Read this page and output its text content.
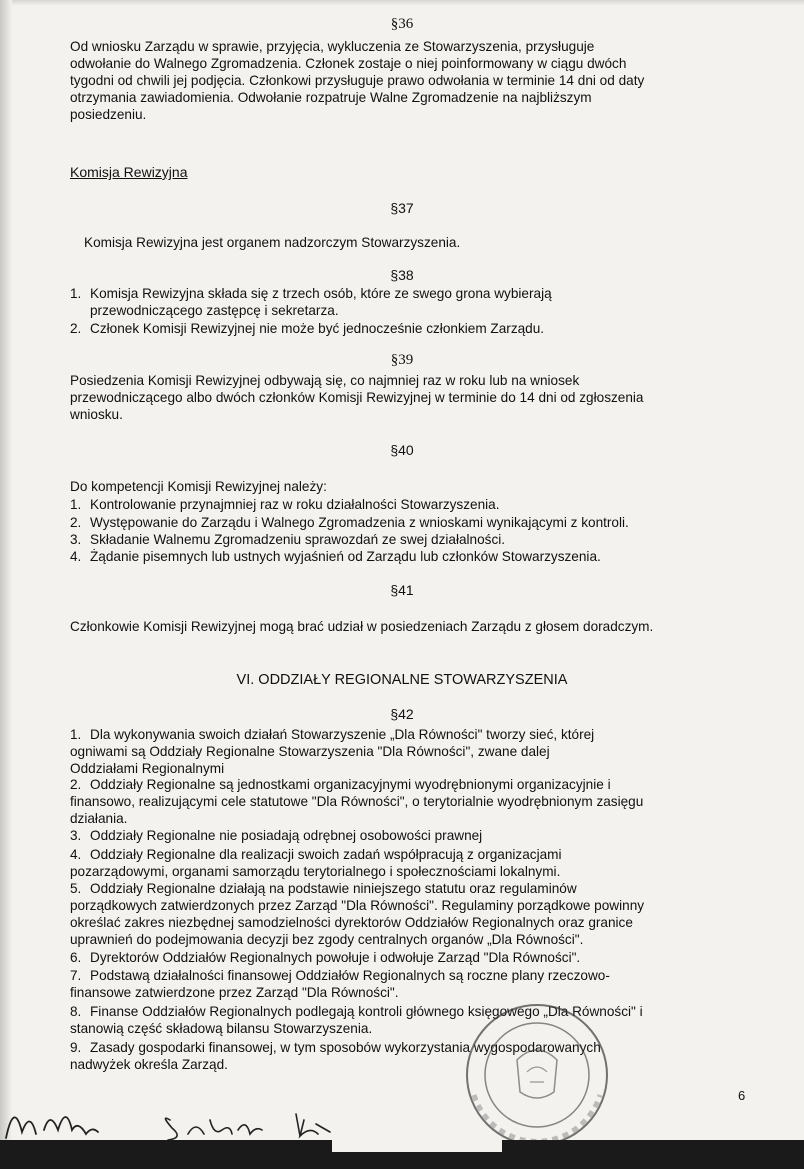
§36
Od wniosku Zarządu w sprawie, przyjęcia, wykluczenia ze Stowarzyszenia, przysługuje
odwołanie do Walnego Zgromadzenia. Członek zostaje o niej poinformowany w ciągu dwóch
tygodni od chwili jej podjęcia. Członkowi przysługuje prawo odwołania w terminie 14 dni od daty
otrzymania zawiadomienia. Odwołanie rozpatruje Walne Zgromadzenie na najbliższym
posiedzeniu.
Komisja Rewizyjna
§37
Komisja Rewizyjna jest organem nadzorczym Stowarzyszenia.
§38
1. Komisja Rewizyjna składa się z trzech osób, które ze swego grona wybierają
przewodniczącego zastępcę i sekretarza.
2. Członek Komisji Rewizyjnej nie może być jednocześnie członkiem Zarządu.
§39
Posiedzenia Komisji Rewizyjnej odbywają się, co najmniej raz w roku lub na wniosek
przewodniczącego albo dwóch członków Komisji Rewizyjnej w terminie do 14 dni od zgłoszenia
wniosku.
§40
Do kompetencji Komisji Rewizyjnej należy:
1. Kontrolowanie przynajmniej raz w roku działalności Stowarzyszenia.
2. Występowanie do Zarządu i Walnego Zgromadzenia z wnioskami wynikającymi z kontroli.
3. Składanie Walnemu Zgromadzeniu sprawozdań ze swej działalności.
4. Żądanie pisemnych lub ustnych wyjaśnień od Zarządu lub członków Stowarzyszenia.
§41
Członkowie Komisji Rewizyjnej mogą brać udział w posiedzeniach Zarządu z głosem doradczym.
VI. ODDZIAŁY REGIONALNE STOWARZYSZENIA
§42
1. Dla wykonywania swoich działań Stowarzyszenie „Dla Równości" tworzy sieć, której
ogniwami są Oddziały Regionalne Stowarzyszenia "Dla Równości", zwane dalej
Oddziałami Regionalnymi
2. Oddziały Regionalne są jednostkami organizacyjnymi wyodrębnionymi organizacyjnie i
finansowo, realizującymi cele statutowe "Dla Równości", o terytorialnie wyodrębnionym zasięgu
działania.
3. Oddziały Regionalne nie posiadają odrębnej osobowości prawnej
4. Oddziały Regionalne dla realizacji swoich zadań współpracują z organizacjami
pozarządowymi, organami samorządu terytorialnego i społecznościami lokalnymi.
5. Oddziały Regionalne działają na podstawie niniejszego statutu oraz regulaminów
porządkowych zatwierdzonych przez Zarząd "Dla Równości". Regulaminy porządkowe powinny
określać zakres niezbędnej samodzielności dyrektorów Oddziałów Regionalnych oraz granice
uprawnień do podejmowania decyzji bez zgody centralnych organów „Dla Równości".
6. Dyrektorów Oddziałów Regionalnych powołuje i odwołuje Zarząd "Dla Równości".
7. Podstawą działalności finansowej Oddziałów Regionalnych są roczne plany rzeczowo-
finansowe zatwierdzone przez Zarząd "Dla Równości".
8. Finanse Oddziałów Regionalnych podlegają kontroli głównego księgowego „Dla Równości" i
stanowią część składową bilansu Stowarzyszenia.
9. Zasady gospodarki finansowej, w tym sposobów wykorzystania wygospodarowanych
nadwyżek określa Zarząd.
6
